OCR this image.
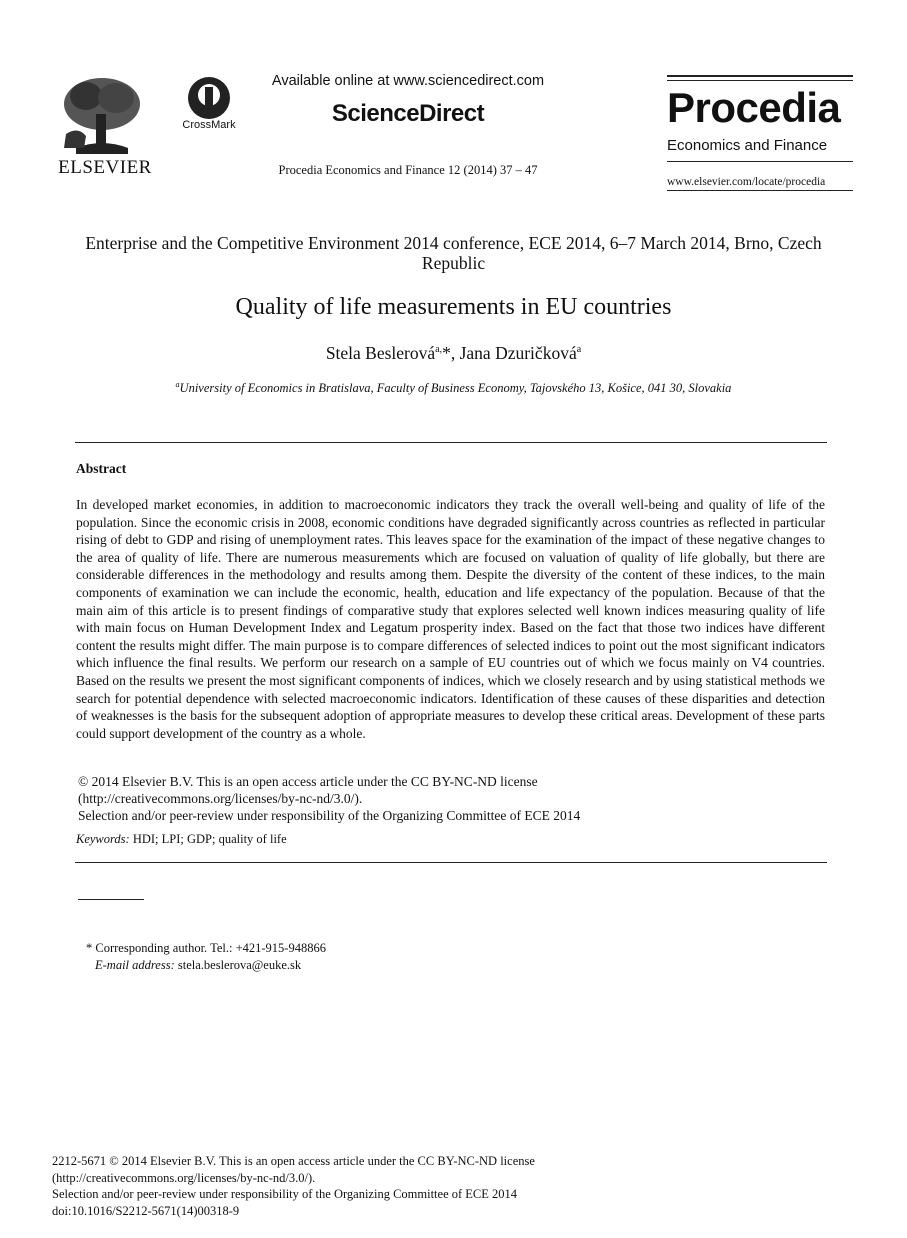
ELSEVIER
CrossMark
Available online at www.sciencedirect.com
ScienceDirect
Procedia Economics and Finance 12 (2014) 37 – 47
Procedia
Economics and Finance
www.elsevier.com/locate/procedia
Enterprise and the Competitive Environment 2014 conference, ECE 2014, 6–7 March 2014, Brno, Czech Republic
Quality of life measurements in EU countries
Stela Beslerová$^{a,}$*, Jana Dzuričková$^a$
$^a$University of Economics in Bratislava, Faculty of Business Economy, Tajovského 13, Košice, 041 30, Slovakia
Abstract
In developed market economies, in addition to macroeconomic indicators they track the overall well-being and quality of life of the population. Since the economic crisis in 2008, economic conditions have degraded significantly across countries as reflected in particular rising of debt to GDP and rising of unemployment rates. This leaves space for the examination of the impact of these negative changes to the area of quality of life. There are numerous measurements which are focused on valuation of quality of life globally, but there are considerable differences in the methodology and results among them. Despite the diversity of the content of these indices, to the main components of examination we can include the economic, health, education and life expectancy of the population. Because of that the main aim of this article is to present findings of comparative study that explores selected well known indices measuring quality of life with main focus on Human Development Index and Legatum prosperity index. Based on the fact that those two indices have different content the results might differ. The main purpose is to compare differences of selected indices to point out the most significant indicators which influence the final results. We perform our research on a sample of EU countries out of which we focus mainly on V4 countries. Based on the results we present the most significant components of indices, which we closely research and by using statistical methods we search for potential dependence with selected macroeconomic indicators. Identification of these causes of these disparities and detection of weaknesses is the basis for the subsequent adoption of appropriate measures to develop these critical areas. Development of these parts could support development of the country as a whole.
© 2014 Elsevier B.V. This is an open access article under the CC BY-NC-ND license
(http://creativecommons.org/licenses/by-nc-nd/3.0/).
Selection and/or peer-review under responsibility of the Organizing Committee of ECE 2014
Keywords: HDI; LPI; GDP; quality of life
* Corresponding author. Tel.: +421-915-948866
E-mail address: stela.beslerova@euke.sk
2212-5671 © 2014 Elsevier B.V. This is an open access article under the CC BY-NC-ND license
(http://creativecommons.org/licenses/by-nc-nd/3.0/).
Selection and/or peer-review under responsibility of the Organizing Committee of ECE 2014
doi:10.1016/S2212-5671(14)00318-9
